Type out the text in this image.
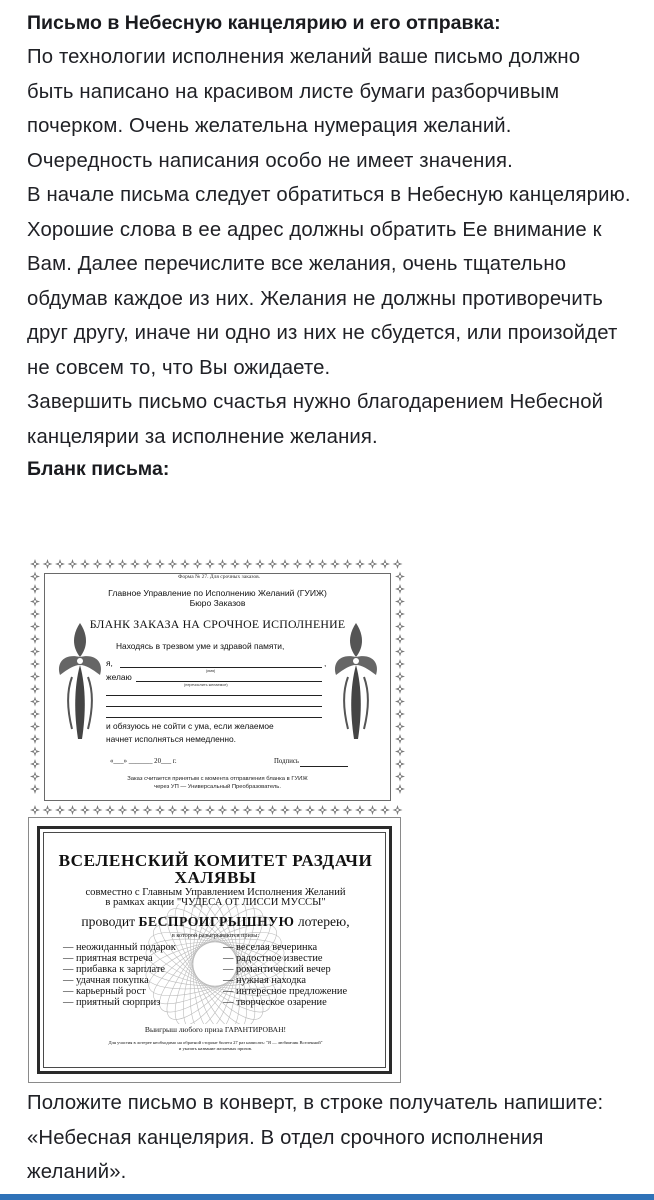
Письмо в Небесную канцелярию и его отправка:

По технологии исполнения желаний ваше письмо должно быть написано на красивом листе бумаги разборчивым почерком. Очень желательна нумерация желаний. Очередность написания особо не имеет значения.

В начале письма следует обратиться в Небесную канцелярию. Хорошие слова в ее адрес должны обратить Ее внимание к Вам. Далее перечислите все желания, очень тщательно обдумав каждое из них. Желания не должны противоречить друг другу, иначе ни одно из них не сбудется, или произойдет не совсем то, что Вы ожидаете.

Завершить письмо счастья нужно благодарением Небесной канцелярии за исполнение желания.

Бланк письма:
Форма № 27. Для срочных заказов.
Главное Управление по Исполнению Желаний (ГУИЖ)
Бюро Заказов
БЛАНК ЗАКАЗА НА СРОЧНОЕ ИСПОЛНЕНИЕ
Находясь в трезвом уме и здравой памяти,
я,	,
(имя)
желаю
(перечислить желаемое)
и обязуюсь не сойти с ума, если желаемое
начнет исполняться немедленно.
«___» _______ 20___ г.	Подпись
Заказ считается принятым с момента отправления бланка в ГУИЖ
через УП — Универсальный Преобразователь.
ВСЕЛЕНСКИЙ КОМИТЕТ РАЗДАЧИ
ХАЛЯВЫ
совместно с Главным Управлением Исполнения Желаний
в рамках акции "ЧУДЕСА ОТ ЛИССИ МУССЫ"
проводит БЕСПРОИГРЫШНУЮ лотерею,
в которой разыгрываются призы:
— неожиданный подарок
— приятная встреча
— прибавка к зарплате
— удачная покупка
— карьерный рост
— приятный сюрприз
— веселая вечеринка
— радостное известие
— романтический вечер
— нужная находка
— интересное предложение
— творческое озарение
Выигрыш любого приза ГАРАНТИРОВАН!
Для участия в лотерее необходимо на обратной стороне билета 27 раз написать: "Я — любимчик Вселенной"
и указать название желаемых призов.

Положите письмо в конверт, в строке получатель напишите: «Небесная канцелярия. В отдел срочного исполнения желаний».
